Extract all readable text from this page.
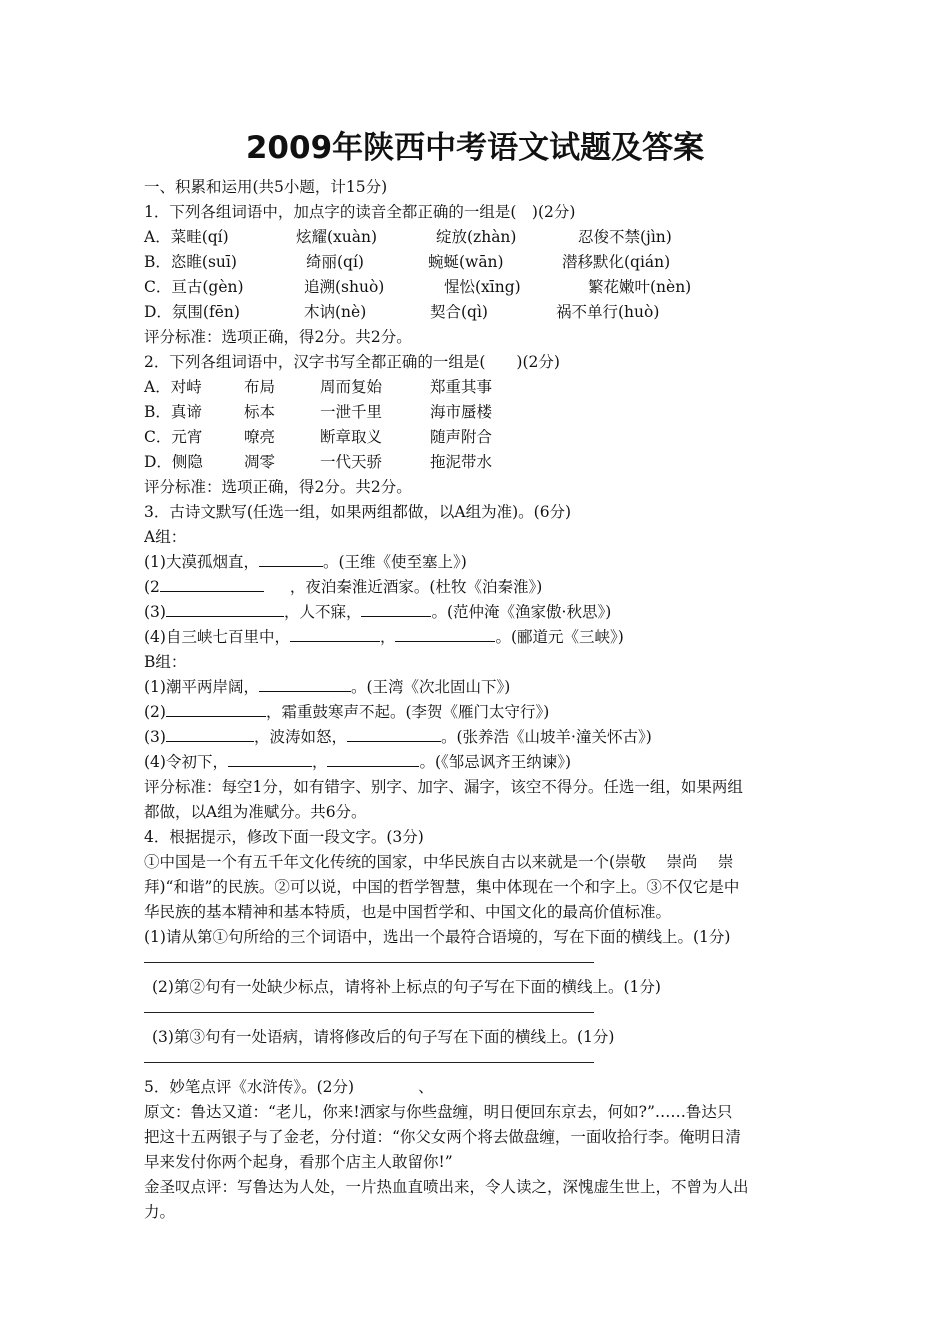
2009年陕西中考语文试题及答案
一、积累和运用(共5小题，计15分)
1．下列各组词语中，加点字的读音全都正确的一组是(　)(2分)
A．菜畦(qí)	炫耀(xuàn)	绽放(zhàn)	忍俊不禁(jìn)
B．恣睢(suī)	绮丽(qí)	蜿蜒(wān)	潜移默化(qián)
C．亘古(gèn)	追溯(shuò)	惺忪(xīng)	繁花嫩叶(nèn)
D．氛围(fēn)	木讷(nè)	契合(qì)	祸不单行(huò)
评分标准：选项正确，得2分。共2分。
2．下列各组词语中，汉字书写全都正确的一组是(　　)(2分)
A．对峙	布局	周而复始	郑重其事
B．真谛	标本	一泄千里	海市蜃楼
C．元宵	嘹亮	断章取义	随声附合
D．侧隐	凋零	一代天骄	拖泥带水
评分标准：选项正确，得2分。共2分。
3．古诗文默写(任选一组，如果两组都做，以A组为准)。(6分)
A组：
(1)大漠孤烟直，	。(王维《使至塞上》)
(2	，夜泊秦淮近酒家。(杜牧《泊秦淮》)
(3)	，人不寐，	。(范仲淹《渔家傲·秋思》)
(4)自三峡七百里中，	，	。(郦道元《三峡》)
B组：
(1)潮平两岸阔，	。(王湾《次北固山下》)
(2)	，霜重鼓寒声不起。(李贺《雁门太守行》)
(3)	，波涛如怒，	。(张养浩《山坡羊·潼关怀古》)
(4)令初下，	，	。(《邹忌讽齐王纳谏》)
评分标准：每空1分，如有错字、别字、加字、漏字，该空不得分。任选一组，如果两组
都做，以A组为准赋分。共6分。
4．根据提示，修改下面一段文字。(3分)
①中国是一个有五千年文化传统的国家，中华民族自古以来就是一个(崇敬　 崇尚　 崇
拜)“和谐”的民族。②可以说，中国的哲学智慧，集中体现在一个和字上。③不仅它是中
华民族的基本精神和基本特质，也是中国哲学和、中国文化的最高价值标准。
(1)请从第①句所给的三个词语中，选出一个最符合语境的，写在下面的横线上。(1分)
(2)第②句有一处缺少标点，请将补上标点的句子写在下面的横线上。(1分)
(3)第③句有一处语病，请将修改后的句子写在下面的横线上。(1分)
5．妙笔点评《水浒传》。(2分)	、
原文：鲁达又道：“老儿，你来!洒家与你些盘缠，明日便回东京去，何如?”……鲁达只
把这十五两银子与了金老，分付道：“你父女两个将去做盘缠，一面收拾行李。俺明日清
早来发付你两个起身，看那个店主人敢留你!”
金圣叹点评：写鲁达为人处，一片热血直喷出来，令人读之，深愧虚生世上，不曾为人出
力。
